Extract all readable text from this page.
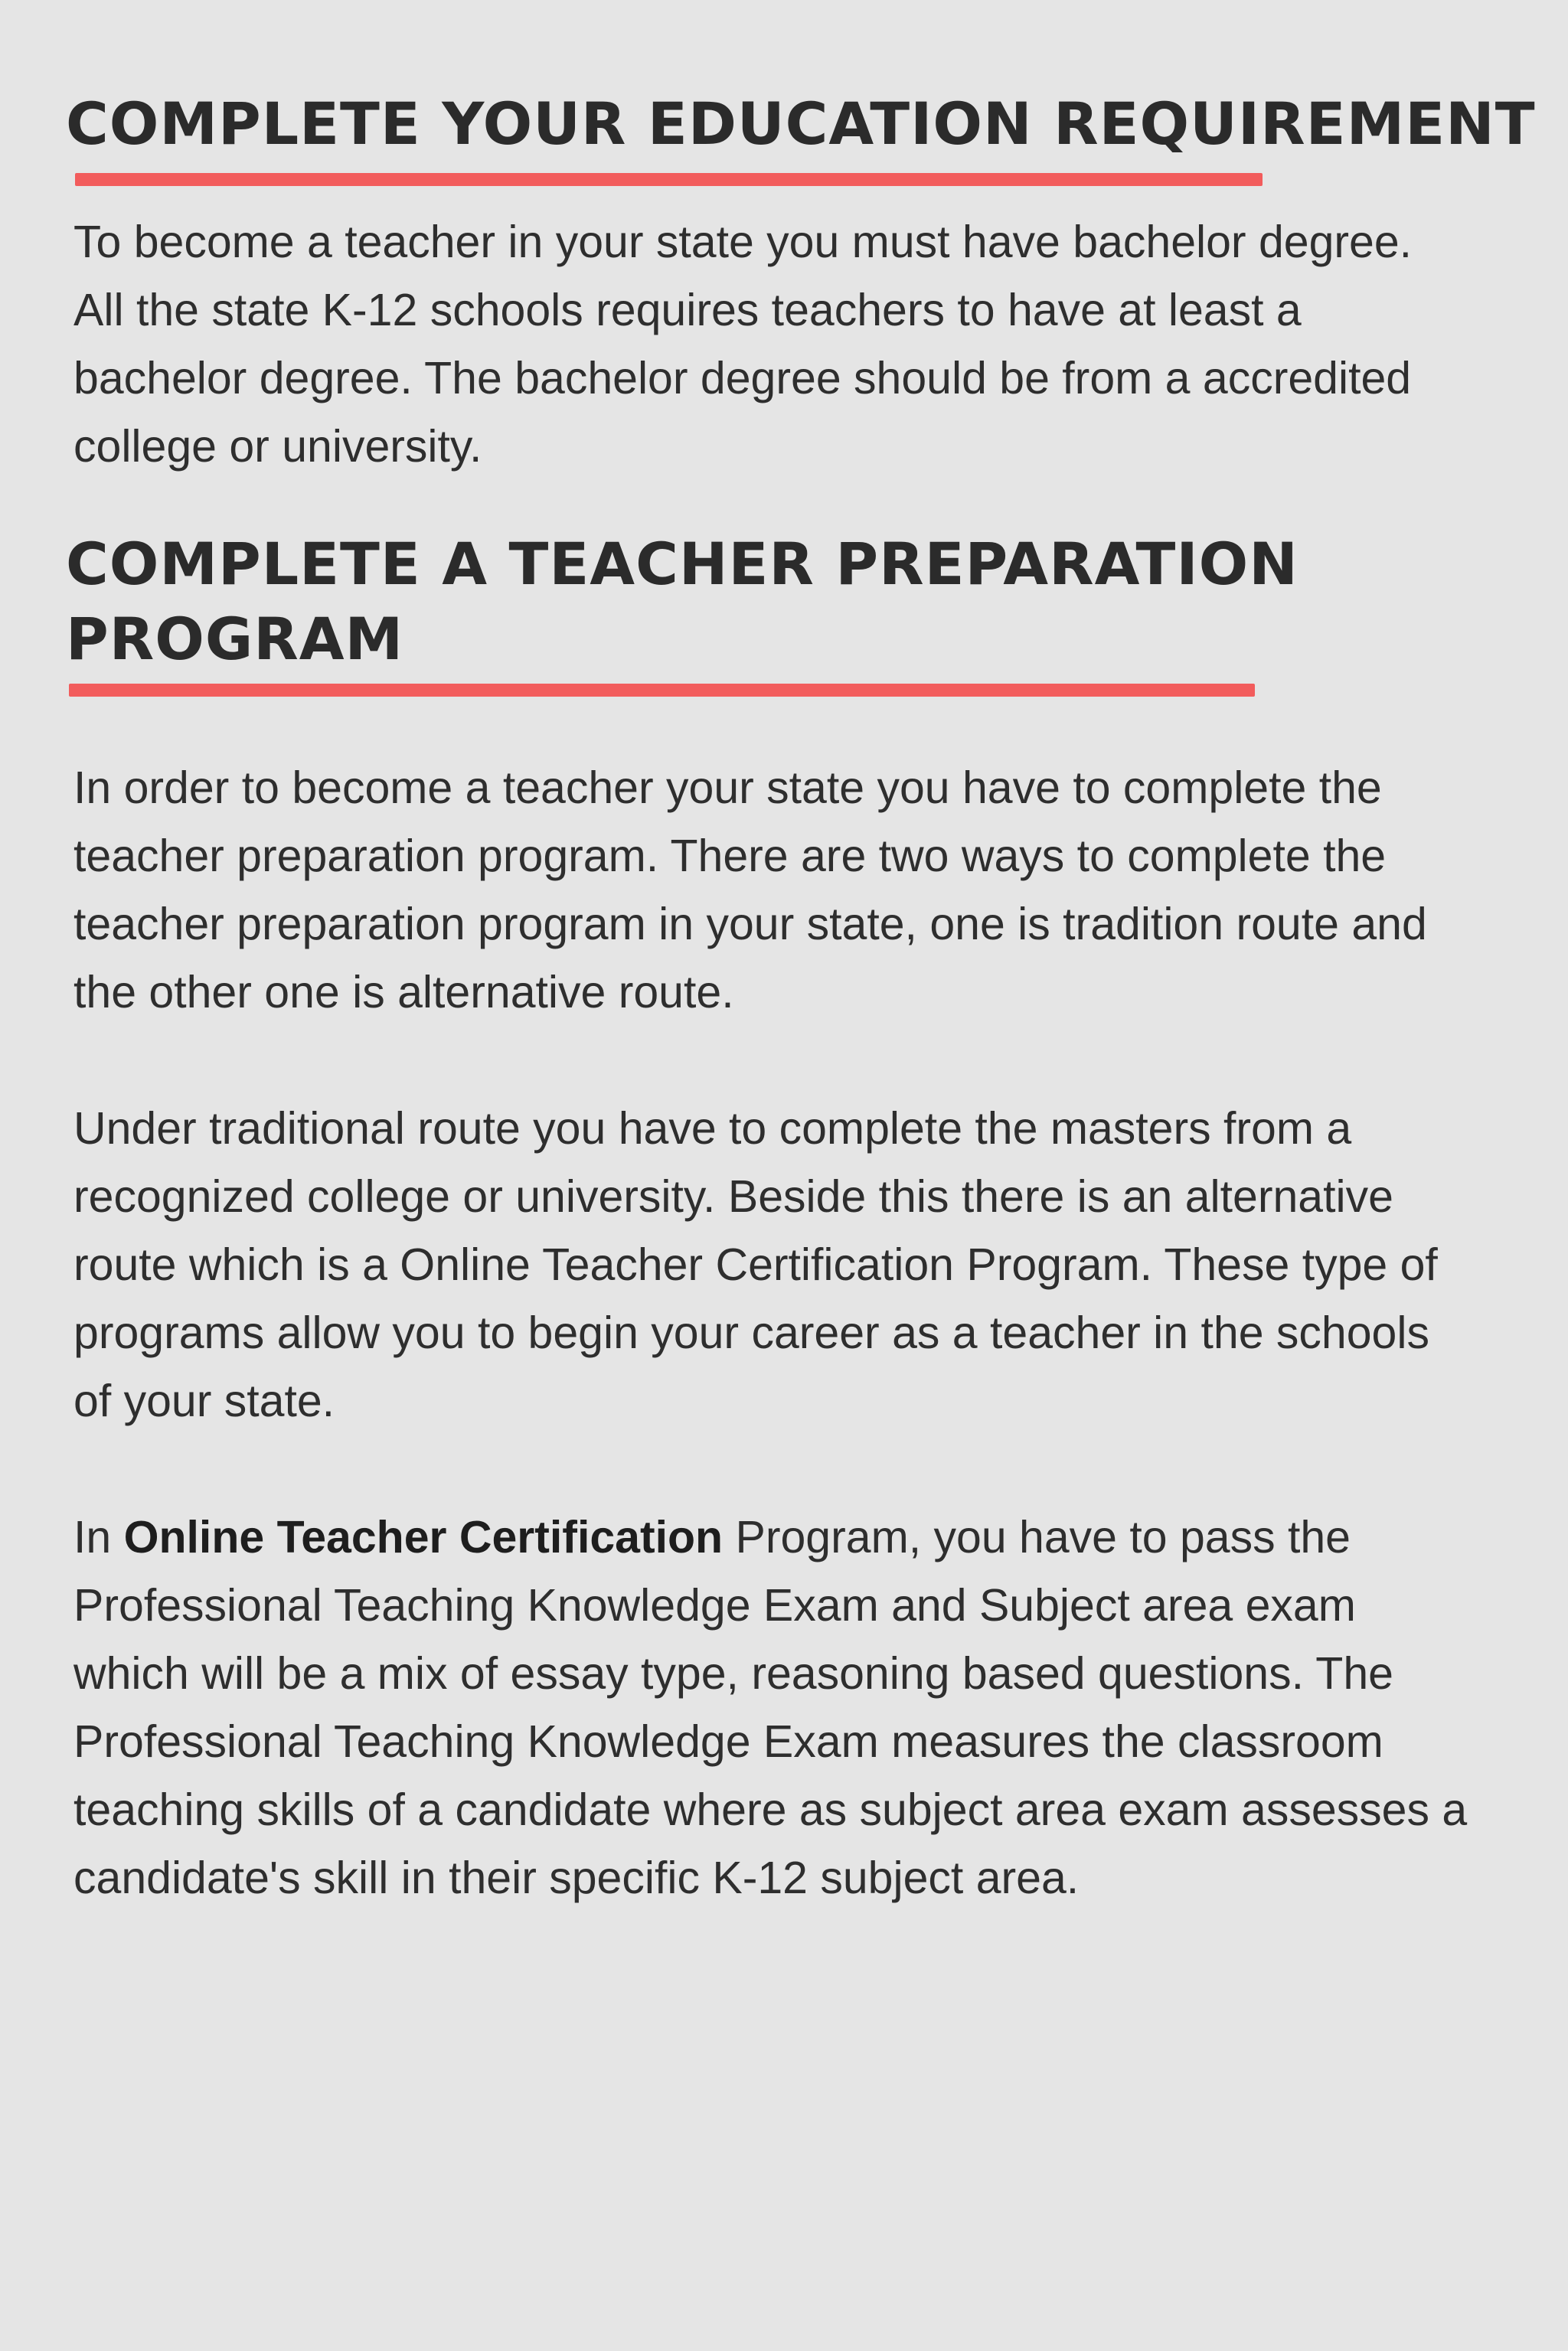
COMPLETE YOUR EDUCATION REQUIREMENT

To become a teacher in your state you must have bachelor degree.
All the state K-12 schools requires teachers to have at least a
bachelor degree. The bachelor degree should be from a accredited
college or university.

COMPLETE A TEACHER PREPARATION
PROGRAM

In order to become a teacher your state you have to complete the
teacher preparation program. There are two ways to complete the
teacher preparation program in your state, one is tradition route and
the other one is alternative route.

Under traditional route you have to complete the masters from a
recognized college or university. Beside this there is an alternative
route which is a Online Teacher Certification Program. These type of
programs allow you to begin your career as a teacher in the schools
of your state.

In Online Teacher Certification Program, you have to pass the
Professional Teaching Knowledge Exam and Subject area exam
which will be a mix of essay type, reasoning based questions. The
Professional Teaching Knowledge Exam measures the classroom
teaching skills of a candidate where as subject area exam assesses a
candidate's skill in their specific K-12 subject area.
